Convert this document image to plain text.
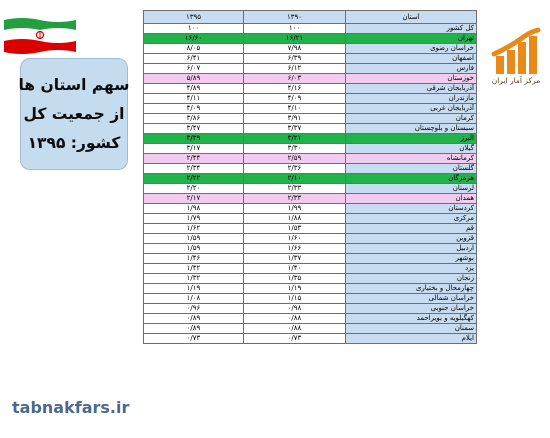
سهم استان ها
از جمعیت کل
کشور: ۱۳۹۵
مرکز آمار ایران
tabnakfars.ir
۱۳۹۵	۱۳۹۰	استان
۱۰۰	۱۰۰	کل کشور
۱۶/۶۰	۱۶/۲۱	تهران
۸/۰۵	۷/۹۸	خراسان رضوی
۶/۴۱	۶/۳۹	اصفهان
۶/۰۷	۶/۱۲	فارس
۵/۸۹	۶/۰۳	خوزستان
۴/۸۹	۴/۱۶	آذربایجان شرقی
۴/۱۱	۴/۰۹	مازندران
۴/۰۹	۴/۱۰	آذربایجان غربی
۳/۸۶	۳/۹۱	کرمان
۳/۴۷	۳/۳۷	سیستان و بلوچستان
۳/۳۹	۳/۲۱	البرز
۳/۱۷	۳/۳۰	گیلان
۲/۴۴	۲/۵۹	کرمانشاه
۲/۳۴	۲/۳۶	گلستان
۲/۲۲	۲/۱۰	هرمزگان
۲/۲۰	۲/۳۳	لرستان
۲/۱۷	۲/۳۳	همدان
۱/۹۸	۱/۹۹	کردستان
۱/۷۹	۱/۸۸	مرکزی
۱/۶۲	۱/۵۳	قم
۱/۵۹	۱/۶۰	قزوین
۱/۵۹	۱/۶۶	اردبیل
۱/۴۶	۱/۳۷	بوشهر
۱/۴۲	۱/۴۰	یزد
۱/۳۲	۱/۳۵	زنجان
۱/۱۹	۱/۱۹	چهارمحال و بختیاری
۱/۰۸	۱/۱۵	خراسان شمالی
۰/۹۶	۰/۹۸	خراسان جنوبی
۰/۸۹	۰/۸۸	کهگیلویه و بویراحمد
۰/۸۹	۰/۸۸	سمنان
۰/۷۳	۰/۷۳	ایلام
